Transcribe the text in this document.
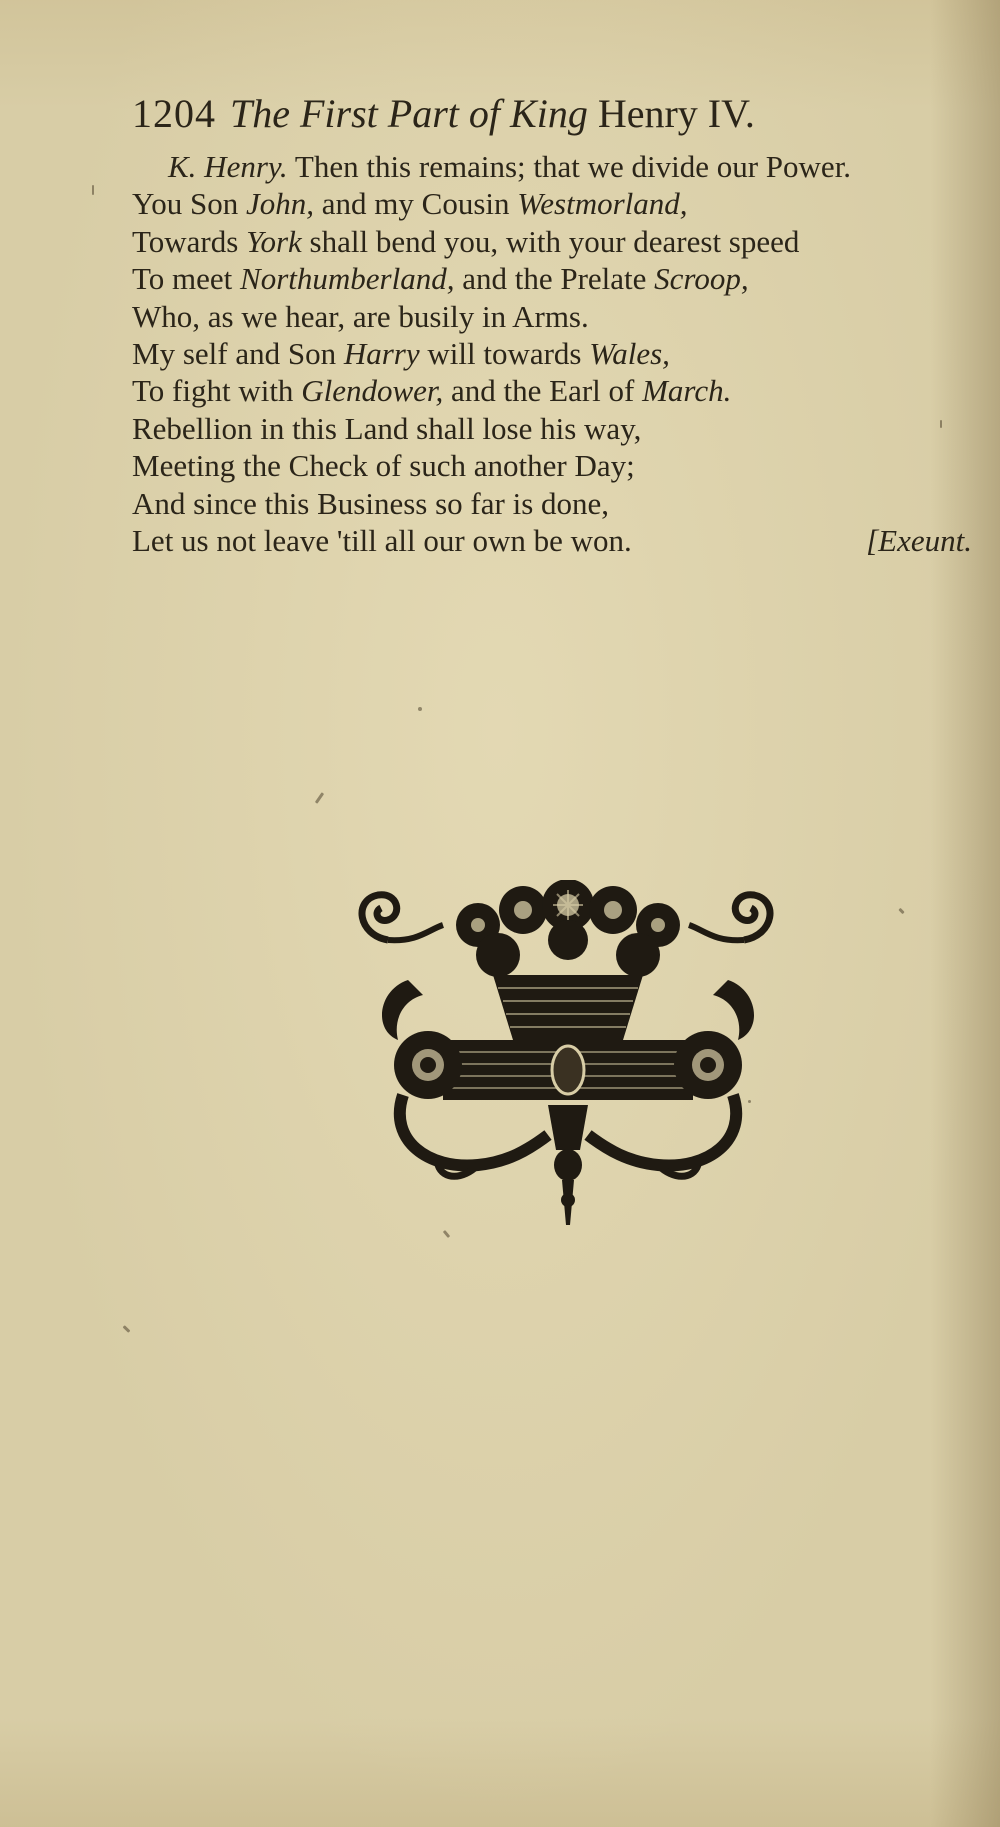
1204 The First Part of King Henry IV.
K. Henry. Then this remains; that we divide our Power.
You Son John, and my Cousin Westmorland,
Towards York shall bend you, with your dearest speed
To meet Northumberland, and the Prelate Scroop,
Who, as we hear, are busily in Arms.
My self and Son Harry will towards Wales,
To fight with Glendower, and the Earl of March.
Rebellion in this Land shall lose his way,
Meeting the Check of such another Day;
And since this Business so far is done,
Let us not leave 'till all our own be won.	[Exeunt.
